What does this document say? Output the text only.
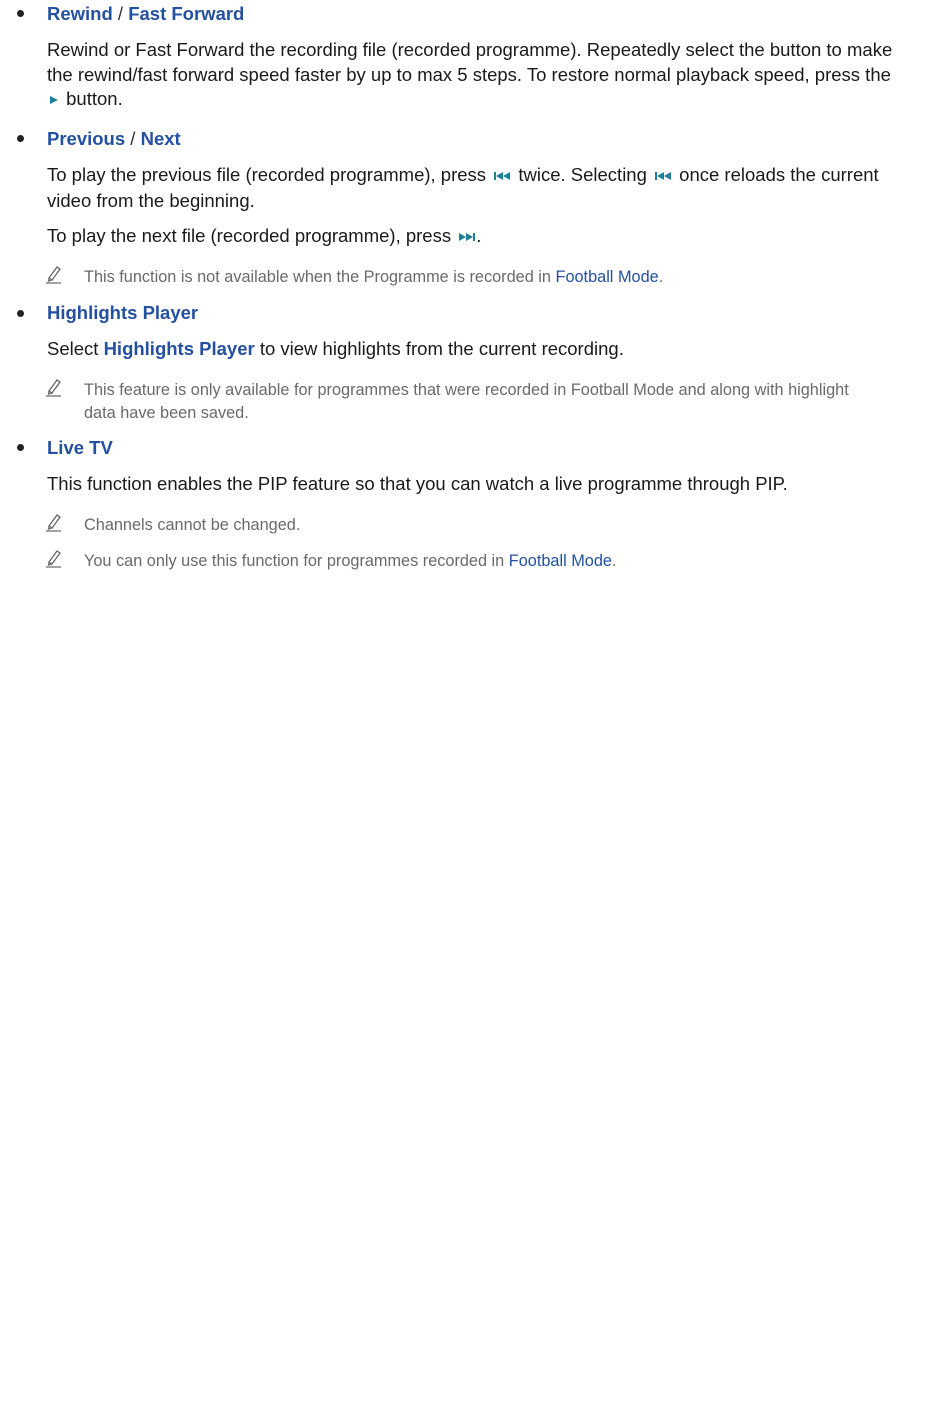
Rewind / Fast Forward
Rewind or Fast Forward the recording file (recorded programme). Repeatedly select the button to make the rewind/fast forward speed faster by up to max 5 steps. To restore normal playback speed, press the  button.
Previous / Next
To play the previous file (recorded programme), press twice. Selecting once reloads the current video from the beginning.
To play the next file (recorded programme), press .
This function is not available when the Programme is recorded in Football Mode.
Highlights Player
Select Highlights Player to view highlights from the current recording.
This feature is only available for programmes that were recorded in Football Mode and along with highlight data have been saved.
Live TV
This function enables the PIP feature so that you can watch a live programme through PIP.
Channels cannot be changed.
You can only use this function for programmes recorded in Football Mode.
